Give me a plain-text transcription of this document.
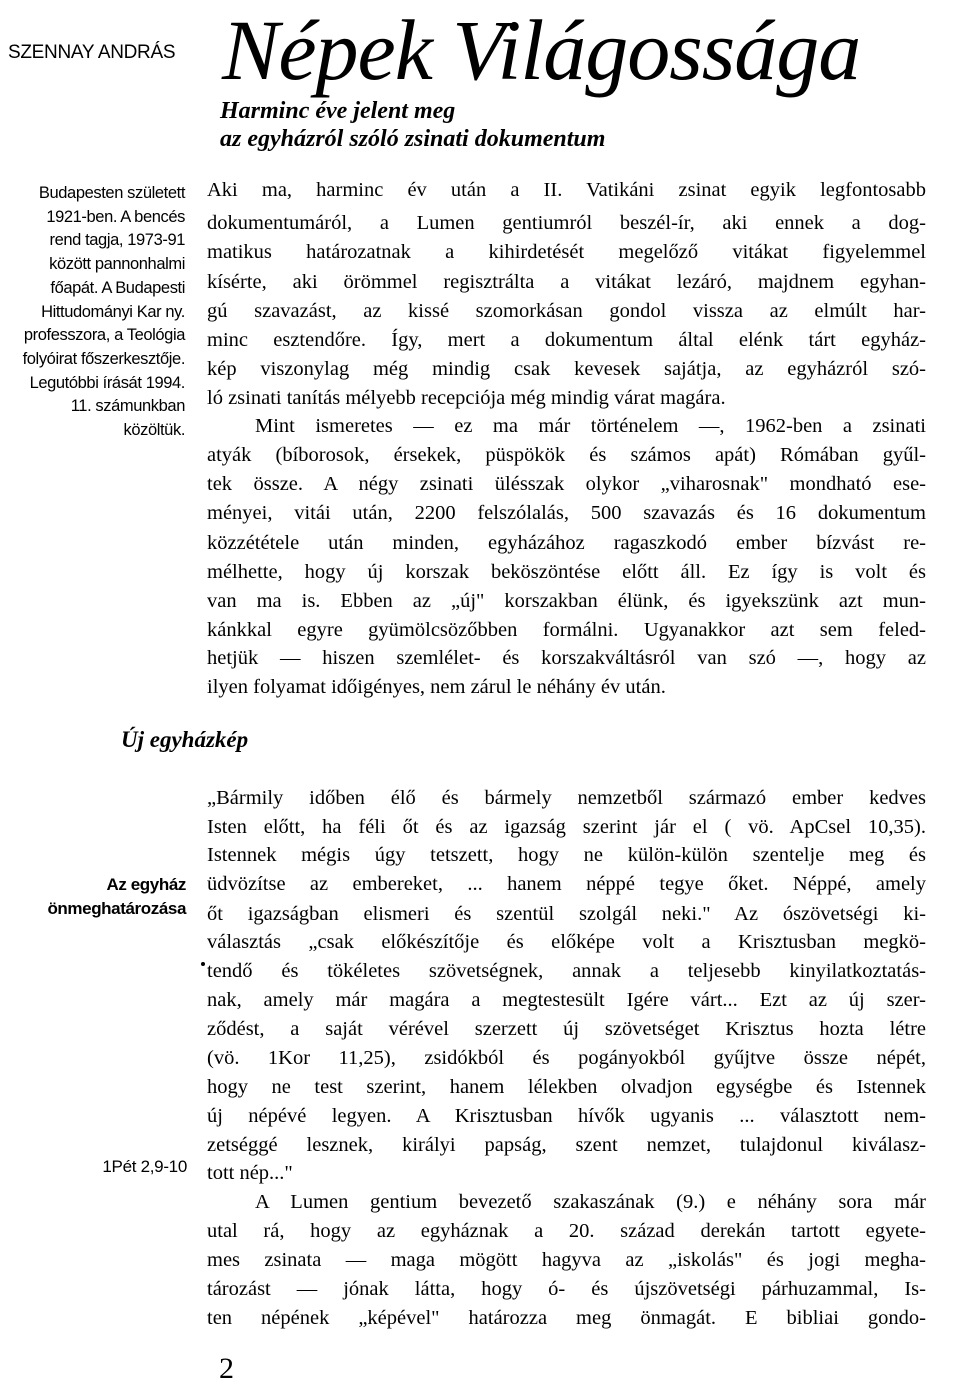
SZENNAY ANDRÁS Népek Világossága
Harminc éve jelent meg
az egyházról szóló zsinati dokumentum
Budapesten született
1921-ben. A bencés
rend tagja, 1973-91
között pannonhalmi
főapát. A Budapesti
Hittudományi Kar ny.
professzora, a Teológia
folyóirat főszerkesztője.
Legutóbbi írását 1994.
11. számunkban
közöltük.
Aki ma, harminc év után a II. Vatikáni zsinat egyik legfontosabb
dokumentumáról, a Lumen gentiumról beszél-ír, aki ennek a dog-
matikus határozatnak a kihirdetését megelőző vitákat figyelemmel
kísérte, aki örömmel regisztrálta a vitákat lezáró, majdnem egyhan-
gú szavazást, az kissé szomorkásan gondol vissza az elmúlt har-
minc esztendőre. Így, mert a dokumentum által elénk tárt egyház-
kép viszonylag még mindig csak kevesek sajátja, az egyházról szó-
ló zsinati tanítás mélyebb recepciója még mindig várat magára.
Mint ismeretes — ez ma már történelem —, 1962-ben a zsinati
atyák (bíborosok, érsekek, püspökök és számos apát) Rómában gyűl-
tek össze. A négy zsinati ülésszak olykor „viharosnak" mondható ese-
ményei, vitái után, 2200 felszólalás, 500 szavazás és 16 dokumentum
közzététele után minden, egyházához ragaszkodó ember bízvást re-
mélhette, hogy új korszak beköszöntése előtt áll. Ez így is volt és
van ma is. Ebben az „új" korszakban élünk, és igyekszünk azt mun-
kánkkal egyre gyümölcsözőbben formálni. Ugyanakkor azt sem feled-
hetjük — hiszen szemlélet- és korszakváltásról van szó —, hogy az
ilyen folyamat időigényes, nem zárul le néhány év után.
Új egyházkép
Az egyház
önmeghatározása
1Pét 2,9-10
„Bármily időben élő és bármely nemzetből származó ember kedves
Isten előtt, ha féli őt és az igazság szerint jár el ( vö. ApCsel 10,35).
Istennek mégis úgy tetszett, hogy ne külön-külön szentelje meg és
üdvözítse az embereket, ... hanem néppé tegye őket. Néppé, amely
őt igazságban elismeri és szentül szolgál neki." Az ószövetségi ki-
választás „csak előkészítője és előképe volt a Krisztusban megkö-
tendő és tökéletes szövetségnek, annak a teljesebb kinyilatkoztatás-
nak, amely már magára a megtestesült Igére várt... Ezt az új szer-
ződést, a saját vérével szerzett új szövetséget Krisztus hozta létre
(vö. 1Kor 11,25), zsidókból és pogányokból gyűjtve össze népét,
hogy ne test szerint, hanem lélekben olvadjon egységbe és Istennek
új népévé legyen. A Krisztusban hívők ugyanis ... választott nem-
zetséggé lesznek, királyi papság, szent nemzet, tulajdonul kiválasz-
tott nép..."
A Lumen gentium bevezető szakaszának (9.) e néhány sora már
utal rá, hogy az egyháznak a 20. század derekán tartott egyete-
mes zsinata — maga mögött hagyva az „iskolás" és jogi megha-
tározást — jónak látta, hogy ó- és újszövetségi párhuzammal, Is-
ten népének „képével" határozza meg önmagát. E bibliai gondo-
2
